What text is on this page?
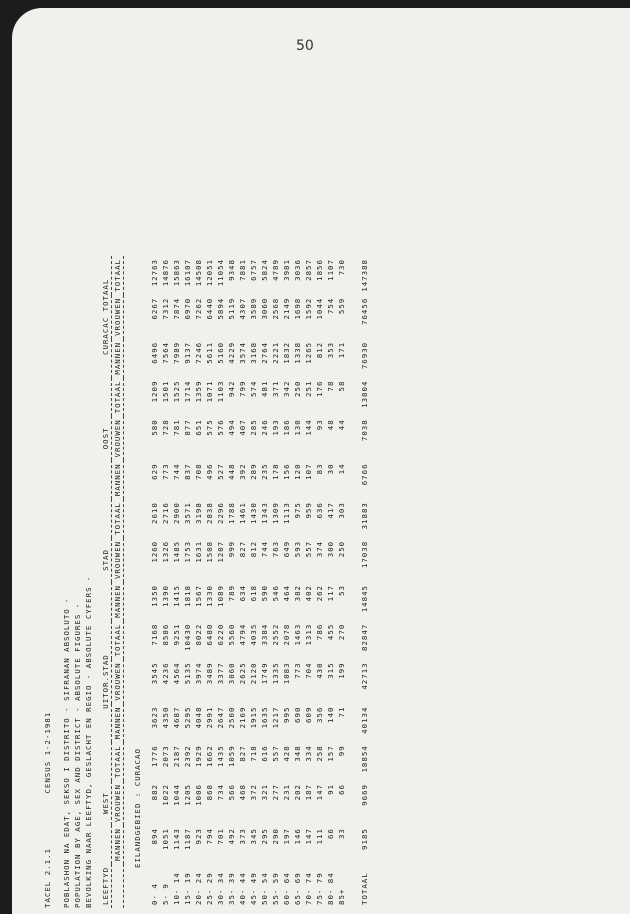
50
TACEL 2.1.1          CENSUS 1-2-1981 POBLASHON NA EDAT, SEKSO I DISTRITO - SIFRANAN ABSOLUTO - POPULATION BY AGE, SEX AND DISTRICT - ABSOLUTE FIGURES - BEVOLKING NAAR LEEFTYD, GESLACHT EN REGIO - ABSOLUTE CYFERS - LEEFTYD	WEST			UITOR.STAD			STAD			OOST			CURACAC TOTAAL		
	MANNEN	VROUWEN	TOTAAL	MANNEN	VROUWEN	TOTAAL	MANNEN	VROUWEN	TOTAAL	MANNEN	VROUWEN	TOTAAL	MANNEN	VROUWEN	TOTAAL
EILANDGEBIED : CURACAO															
0- 4	894	882	1776	3623	3545	7168	1350	1260	2610	629	580	1209	6496	6267	12763
5- 9	1051	1022	2073	4350	4236	8586	1390	1326	2716	773	728	1501	7564	7312	14876
10- 14	1143	1044	2187	4687	4564	9251	1415	1485	2900	744	781	1525	7989	7874	15863
15- 19	1187	1205	2392	5295	5135	10430	1818	1753	3571	837	877	1714	9137	6970	16107
20- 24	923	1006	1929	4048	3974	8022	1567	1631	3198	708	651	1359	7246	7262	14508
25- 29	794	868	1662	2991	3489	6480	1330	1508	2838	496	575	1071	5611	6440	12051
30- 34	701	734	1435	2647	3377	6220	1089	1207	2296	527	576	1103	5160	5894	11054
35- 39	492	566	1059	2500	3060	5560	789	999	1788	448	494	942	4229	5119	9348
40- 44	373	468	827	2169	2625	4794	634	827	1461	392	407	799	3574	4307	7881
45- 49	345	372	718	1915	2120	4035	618	812	1430	289	285	574	3168	3589	6757
50- 54	295	321	616	1635	1749	3384	590	744	1343	235	246	481	2764	3060	5824
55- 59	290	277	557	1217	1335	2552	546	763	1309	178	193	371	2221	2568	4789
60- 64	197	231	428	995	1083	2078	464	649	1113	156	186	342	1832	2149	3981
65- 69	146	202	348	690	773	1463	382	593	975	120	130	250	1338	1698	3036
70- 74	147	187	334	609	704	1313	402	557	959	107	144	251	1265	1592	2857
75- 79	111	147	258	356	430	786	262	374	636	83	93	176	812	1044	1856
80- 84	66	91	157	140	315	455	117	300	417	30	48	78	353	754	1107
85+	33	66	99	71	199	270	53	250	303	14	44	58	171	559	730
TOTAAL	9185	9669	18854	40134	42713	82847	14845	17038	31883	6766	7038	13804	76930	76456	147388
